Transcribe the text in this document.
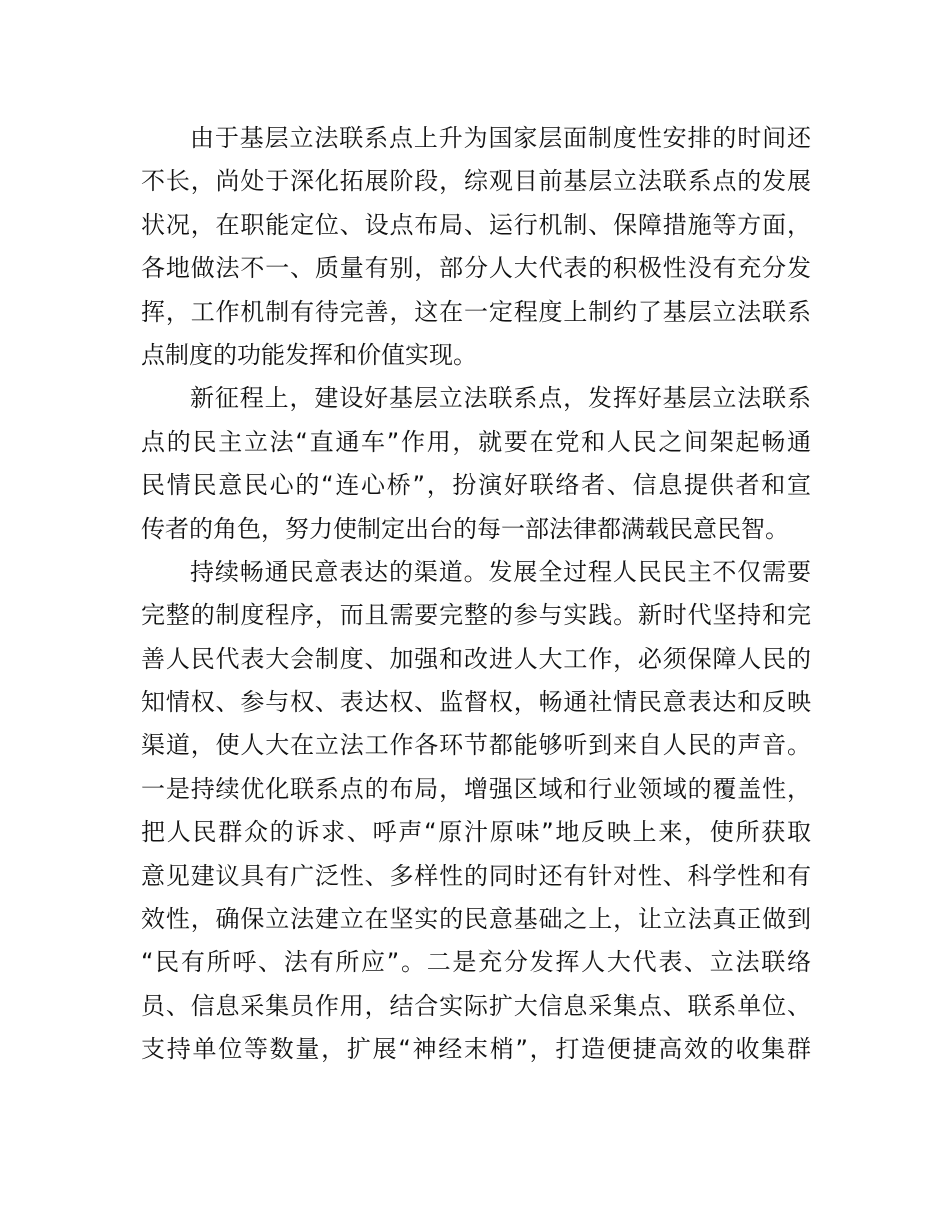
由于基层立法联系点上升为国家层面制度性安排的时间还
不长，尚处于深化拓展阶段，综观目前基层立法联系点的发展
状况，在职能定位、设点布局、运行机制、保障措施等方面，
各地做法不一、质量有别，部分人大代表的积极性没有充分发
挥，工作机制有待完善，这在一定程度上制约了基层立法联系
点制度的功能发挥和价值实现。
新征程上，建设好基层立法联系点，发挥好基层立法联系
点的民主立法“直通车”作用，就要在党和人民之间架起畅通
民情民意民心的“连心桥”，扮演好联络者、信息提供者和宣
传者的角色，努力使制定出台的每一部法律都满载民意民智。
持续畅通民意表达的渠道。发展全过程人民民主不仅需要
完整的制度程序，而且需要完整的参与实践。新时代坚持和完
善人民代表大会制度、加强和改进人大工作，必须保障人民的
知情权、参与权、表达权、监督权，畅通社情民意表达和反映
渠道，使人大在立法工作各环节都能够听到来自人民的声音。
一是持续优化联系点的布局，增强区域和行业领域的覆盖性，
把人民群众的诉求、呼声“原汁原味”地反映上来，使所获取
意见建议具有广泛性、多样性的同时还有针对性、科学性和有
效性，确保立法建立在坚实的民意基础之上，让立法真正做到
“民有所呼、法有所应”。二是充分发挥人大代表、立法联络
员、信息采集员作用，结合实际扩大信息采集点、联系单位、
支持单位等数量，扩展“神经末梢”，打造便捷高效的收集群
